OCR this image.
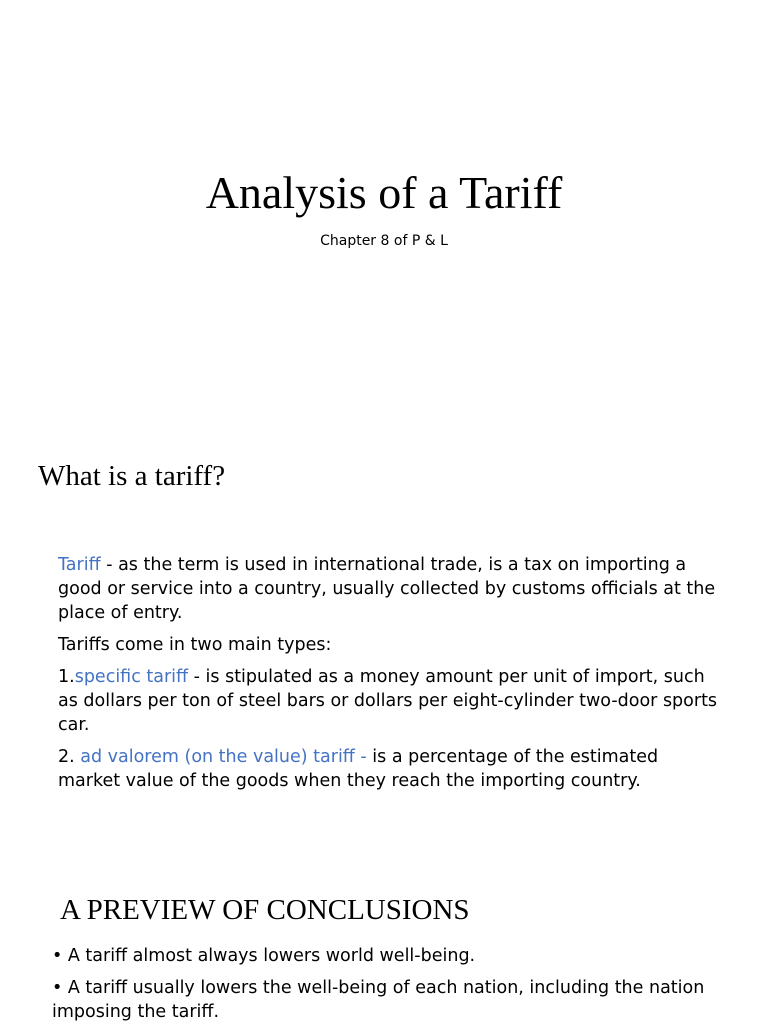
Analysis of a Tariff
Chapter 8 of P & L
What is a tariff?

Tariff - as the term is used in international trade, is a tax on importing a good or service into a country, usually collected by customs officials at the place of entry.

Tariffs come in two main types:

1.specific tariff - is stipulated as a money amount per unit of import, such as dollars per ton of steel bars or dollars per eight-cylinder two-door sports car.

2. ad valorem (on the value) tariff - is a percentage of the estimated market value of the goods when they reach the importing country.

A PREVIEW OF CONCLUSIONS

• A tariff almost always lowers world well-being.

• A tariff usually lowers the well-being of each nation, including the nation imposing the tariff.
